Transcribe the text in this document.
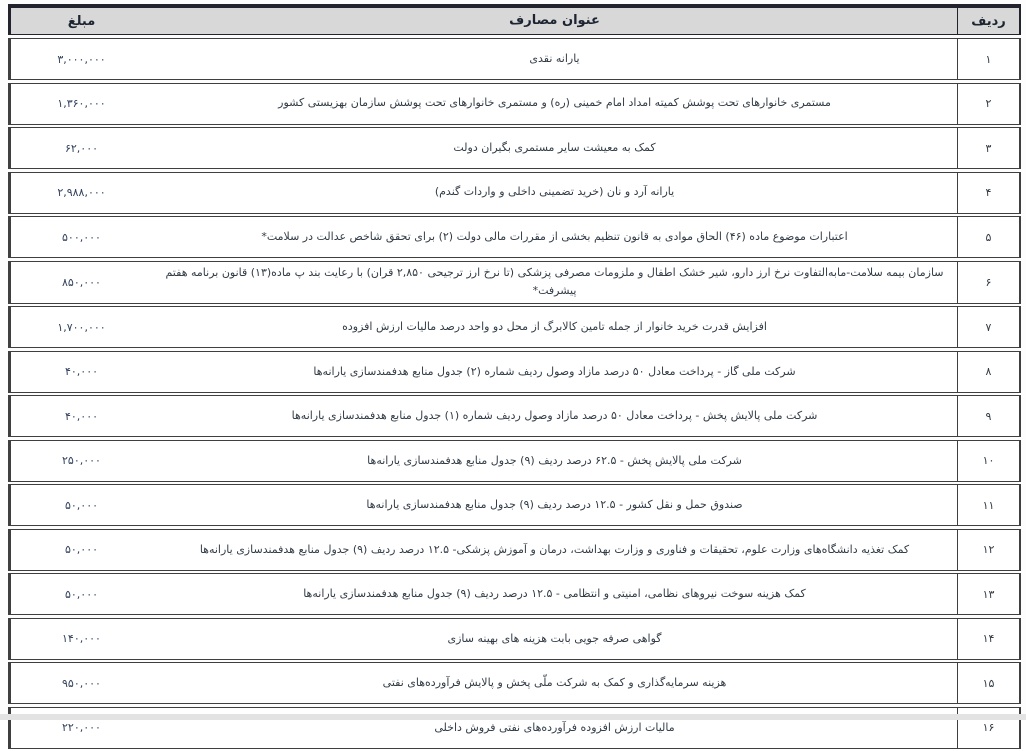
ردیف
عنوان مصارف
مبلغ
۱
یارانه نقدی
۳,۰۰۰,۰۰۰
۲
مستمری خانوارهای تحت پوشش کمیته امداد امام خمینی (ره) و مستمری خانوارهای تحت پوشش سازمان بهزیستی کشور
۱,۳۶۰,۰۰۰
۳
کمک به معیشت سایر مستمری بگیران دولت
۶۲,۰۰۰
۴
یارانه آرد و نان (خرید تضمینی داخلی و واردات گندم)
۲,۹۸۸,۰۰۰
۵
اعتبارات موضوع ماده (۴۶) الحاق موادی به قانون تنظیم بخشی از مقررات مالی دولت (۲) برای تحقق شاخص عدالت در سلامت*
۵۰۰,۰۰۰
۶
سازمان بیمه سلامت-مابه‌التفاوت نرخ ارز دارو، شیر خشک اطفال و ملزومات مصرفی پزشکی (تا نرخ ارز ترجیحی ۲,۸۵۰ قران) با رعایت بند پ ماده(۱۳) قانون برنامه هفتم پیشرفت*
۸۵۰,۰۰۰
۷
افزایش قدرت خرید خانوار از جمله تامین کالابرگ از محل دو واحد درصد مالیات ارزش افزوده
۱,۷۰۰,۰۰۰
۸
شرکت ملی گاز - پرداخت معادل ۵۰ درصد مازاد وصول ردیف شماره (۲) جدول منابع هدفمندسازی یارانه‌ها
۴۰,۰۰۰
۹
شرکت ملی پالایش پخش - پرداخت معادل ۵۰ درصد مازاد وصول ردیف شماره (۱) جدول منابع هدفمندسازی یارانه‌ها
۴۰,۰۰۰
۱۰
شرکت ملی پالایش پخش - ۶۲.۵ درصد ردیف (۹) جدول منابع هدفمندسازی یارانه‌ها
۲۵۰,۰۰۰
۱۱
صندوق حمل و نقل کشور - ۱۲.۵ درصد ردیف (۹) جدول منابع هدفمندسازی یارانه‌ها
۵۰,۰۰۰
۱۲
کمک تغذیه دانشگاه‌های وزارت علوم، تحقیقات و فناوری و وزارت بهداشت، درمان و آموزش پزشکی- ۱۲.۵ درصد ردیف (۹) جدول منابع هدفمندسازی یارانه‌ها
۵۰,۰۰۰
۱۳
کمک هزینه سوخت نیروهای نظامی، امنیتی و انتظامی - ۱۲.۵ درصد ردیف (۹) جدول منابع هدفمندسازی یارانه‌ها
۵۰,۰۰۰
۱۴
گواهی صرفه جویی بابت هزینه های بهینه سازی
۱۴۰,۰۰۰
۱۵
هزینه سرمایه‌گذاری و کمک به شرکت ملّی پخش و پالایش فرآورده‌های نفتی
۹۵۰,۰۰۰
۱۶
مالیات ارزش افزوده فرآورده‌های نفتی فروش داخلی
۲۲۰,۰۰۰
